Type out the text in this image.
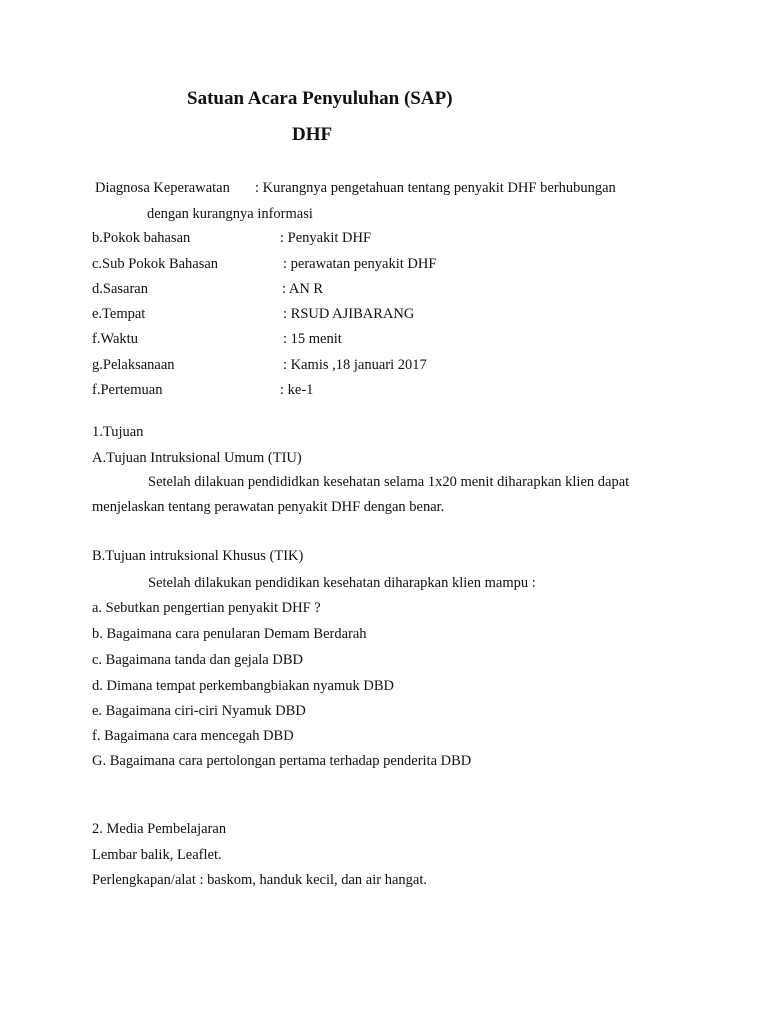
Satuan Acara Penyuluhan (SAP)
DHF
Diagnosa Keperawatan : Kurangnya pengetahuan tentang penyakit DHF berhubungan
dengan kurangnya informasi
b.Pokok bahasan	: Penyakit DHF
c.Sub Pokok Bahasan	: perawatan penyakit DHF
d.Sasaran	: AN R
e.Tempat	: RSUD AJIBARANG
f.Waktu	: 15 menit
g.Pelaksanaan	: Kamis ,18 januari 2017
f.Pertemuan	: ke-1
1.Tujuan
A.Tujuan Intruksional Umum (TIU)
Setelah dilakuan pendididkan kesehatan selama 1x20 menit diharapkan klien dapat
menjelaskan tentang perawatan penyakit DHF dengan benar.
B.Tujuan intruksional Khusus (TIK)
Setelah dilakukan pendidikan kesehatan diharapkan klien mampu :
a. Sebutkan pengertian penyakit DHF ?
b. Bagaimana cara penularan Demam Berdarah
c. Bagaimana tanda dan gejala DBD
d. Dimana tempat perkembangbiakan nyamuk DBD
e. Bagaimana ciri-ciri Nyamuk DBD
f. Bagaimana cara mencegah DBD
G. Bagaimana cara pertolongan pertama terhadap penderita DBD
2. Media Pembelajaran
Lembar balik, Leaflet.
Perlengkapan/alat : baskom, handuk kecil, dan air hangat.
